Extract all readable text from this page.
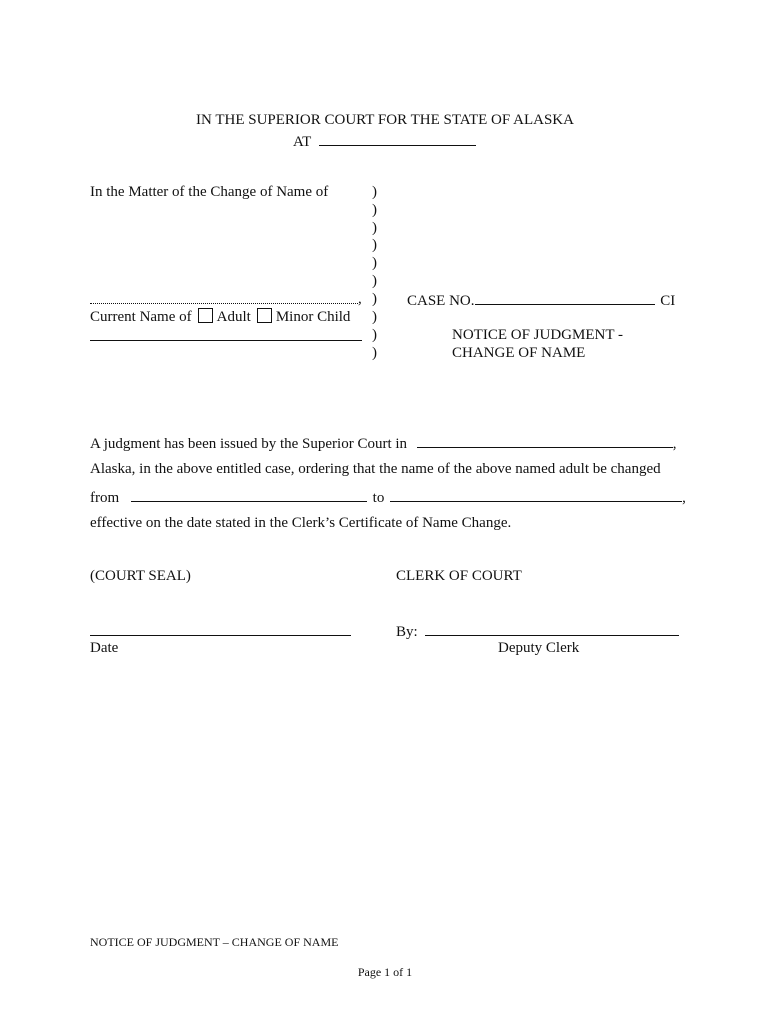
IN THE SUPERIOR COURT FOR THE STATE OF ALASKA
AT
In the Matter of the Change of Name of
,
Current Name of Adult Minor Child
)
)
)
)
)
)
)
)
)
)
CASE NO.	CI
NOTICE OF JUDGMENT -
CHANGE OF NAME
A judgment has been issued by the Superior Court in	,
Alaska, in the above entitled case, ordering that the name of the above named adult be changed
from	to	,
effective on the date stated in the Clerk’s Certificate of Name Change.
(COURT SEAL)	CLERK OF COURT
By:
Date	Deputy Clerk
NOTICE OF JUDGMENT – CHANGE OF NAME
Page 1 of 1
